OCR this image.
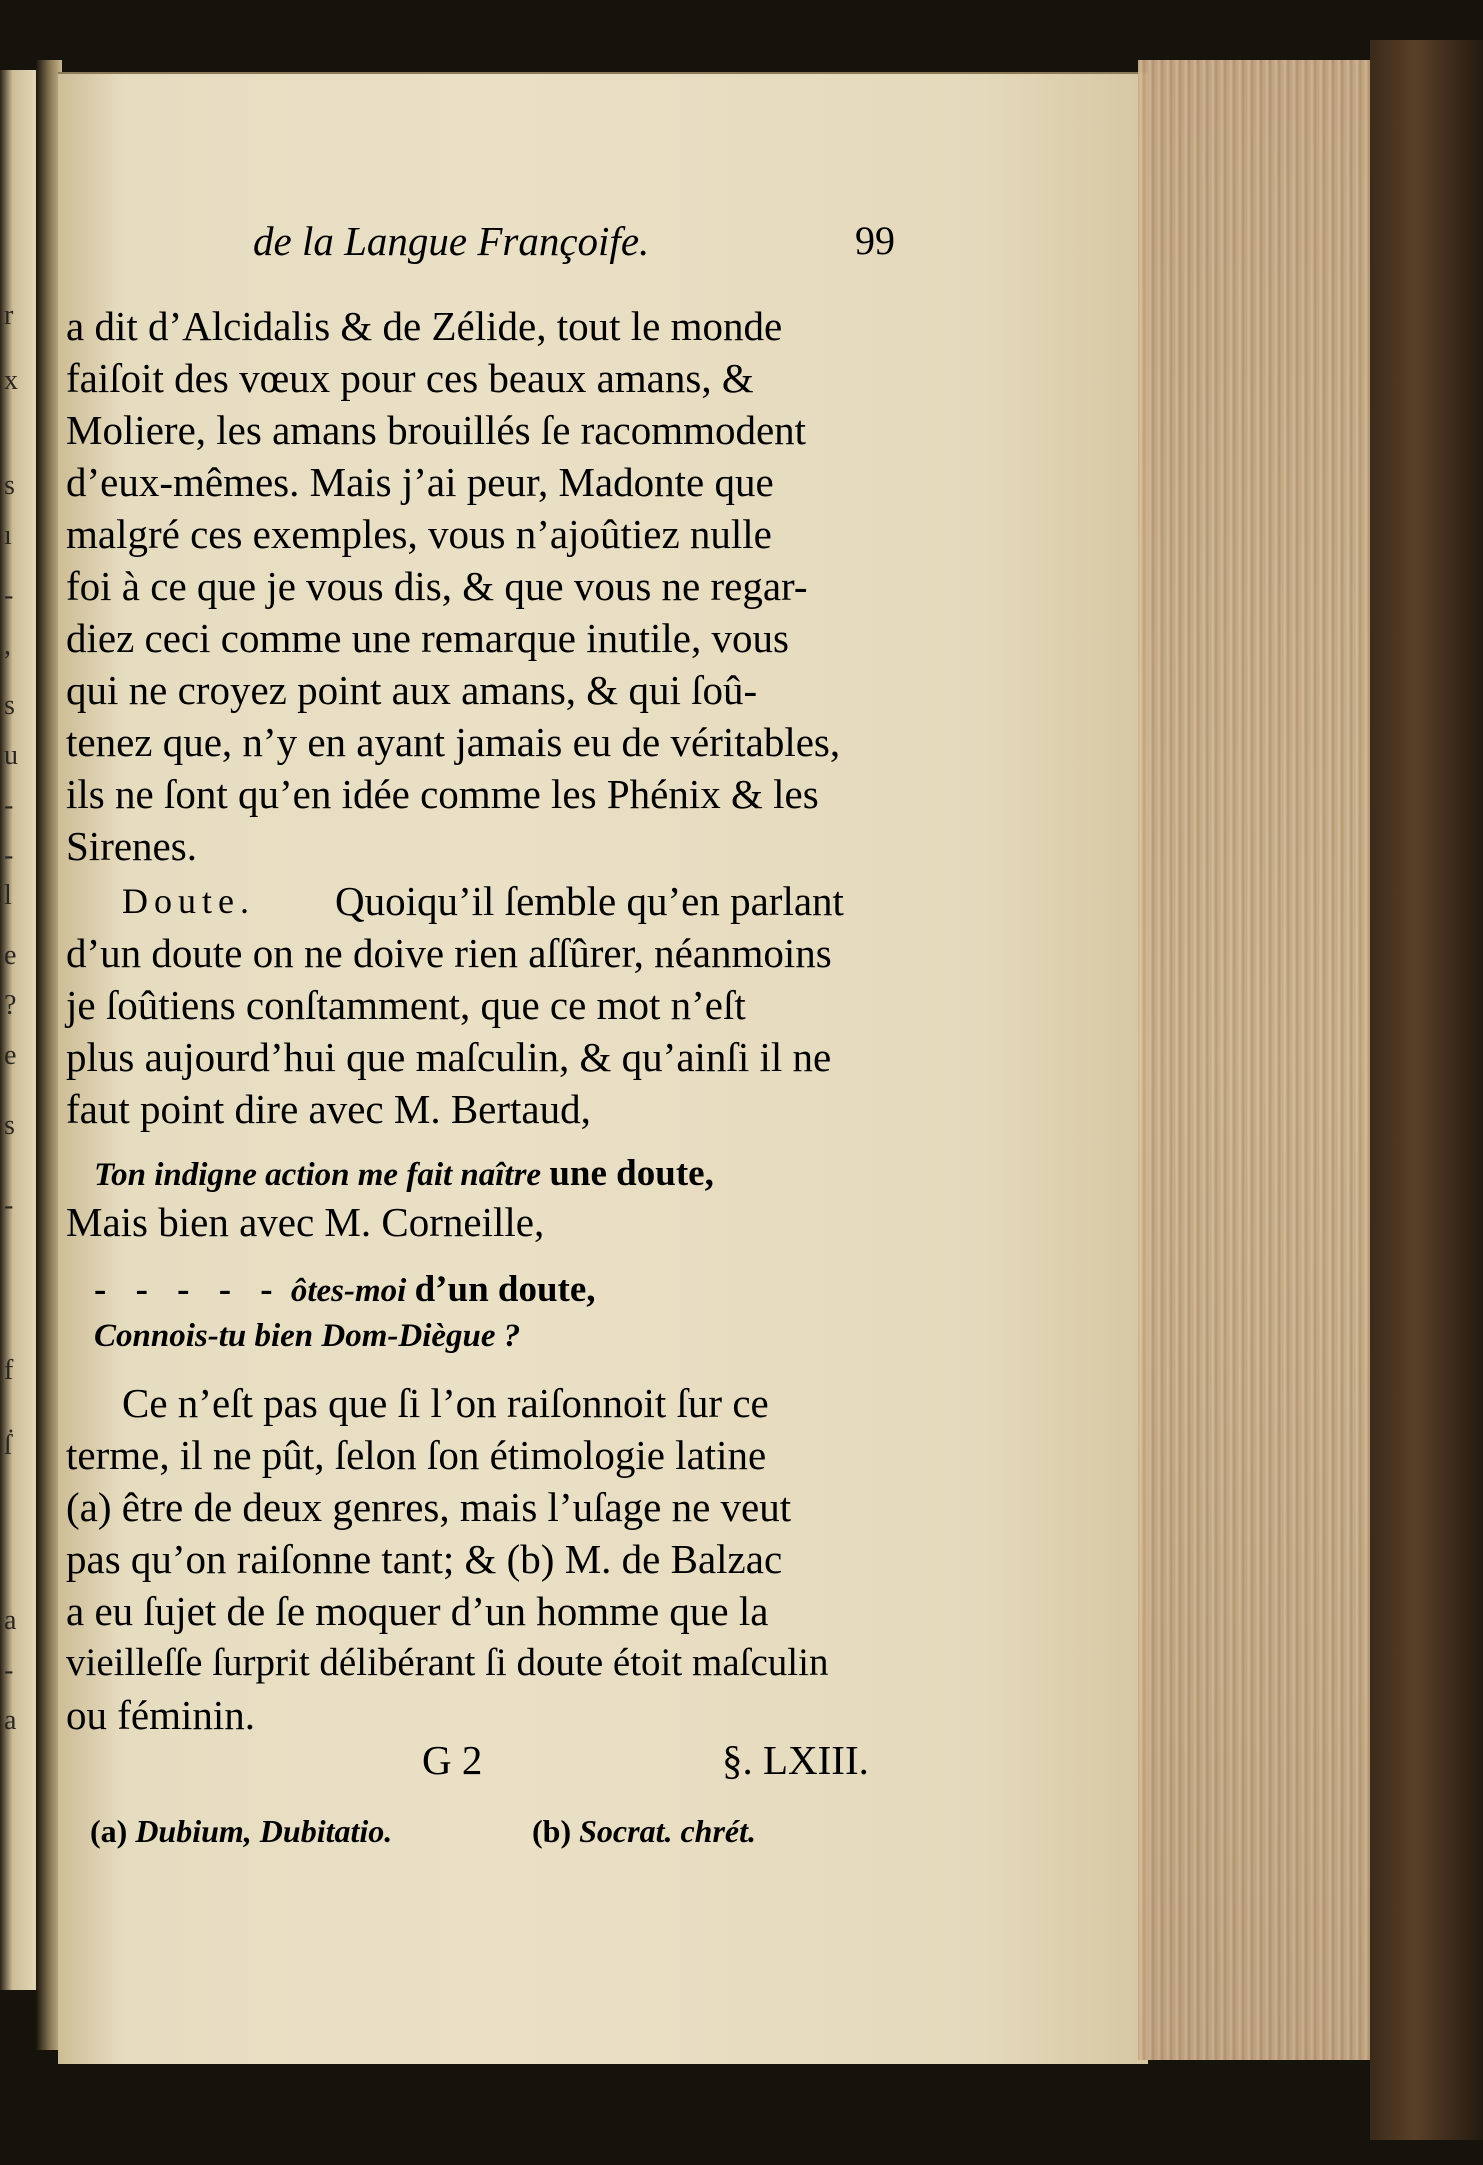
r
x
s
ı
-
,
s
u
-
-
l
e
?
e
s
-
f
ẛ
a
-
a
de la Langue Françoife.	99
a dit d’Alcidalis & de Zélide, tout le monde
faiſoit des vœux pour ces beaux amans, &
Moliere, les amans brouillés ſe racommodent
d’eux-mêmes. Mais j’ai peur, Madonte que
malgré ces exemples, vous n’ajoûtiez nulle
foi à ce que je vous dis, & que vous ne regar-
diez ceci comme une remarque inutile, vous
qui ne croyez point aux amans, & qui ſoû-
tenez que, n’y en ayant jamais eu de véritables,
ils ne ſont qu’en idée comme les Phénix & les
Sirenes.
Doute. Quoiqu’il ſemble qu’en parlant
d’un doute on ne doive rien aſſûrer, néanmoins
je ſoûtiens conſtamment, que ce mot n’eſt
plus aujourd’hui que maſculin, & qu’ainſi il ne
faut point dire avec M. Bertaud,
Ton indigne action me fait naître une doute,
Mais bien avec M. Corneille,
- - - - - ôtes-moi d’un doute,
Connois-tu bien Dom-Diègue ?
Ce n’eſt pas que ſi l’on raiſonnoit ſur ce
terme, il ne pût, ſelon ſon étimologie latine
(a) être de deux genres, mais l’uſage ne veut
pas qu’on raiſonne tant; & (b) M. de Balzac
a eu ſujet de ſe moquer d’un homme que la
vieilleſſe ſurprit délibérant ſi doute étoit maſculin
ou féminin.
G 2	§. LXIII.
(a) Dubium, Dubitatio.	(b) Socrat. chrét.
